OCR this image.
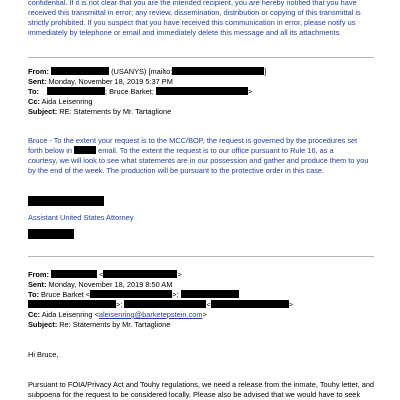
confidential. If it is not clear that you are the intended recipient, you are hereby notified that you have
received this transmittal in error; any review, dissemination, distribution or copying of this transmittal is
strictly prohibited. If you suspect that you have received this communication in error, please notify us
immediately by telephone or email and immediately delete this message and all its attachments
From:	(USANYS) [mailto:	]
Sent: Monday, November 18, 2019 5:37 PM
To:	; Bruce Barket;	>
Cc: Aida Leisenring
Subject: RE: Statements by Mr. Tartaglione
Bruce - To the extent your request is to the MCC/BOP, the request is governed by the procedures set
forth below in	email. To the extent the request is to our office pursuant to Rule 16, as a
courtesy, we will look to see what statements are in our possession and gather and produce them to you
by the end of the week. The production will be pursuant to the protective order in this case.
Assistant United States Attorney
From:	<	>
Sent: Monday, November 18, 2019 8:50 AM
To: Bruce Barket <	>;
>;	<	>
Cc: Aida Leisenring <aleisenring@barketepstein.com>
Subject: Re: Statements by Mr. Tartaglione
Hi Bruce,
Pursuant to FOIA/Privacy Act and Touhy regulations, we need a release from the inmate, Touhy letter, and
subpoena for the request to be considered locally. Please also be advised that we would have to seek
